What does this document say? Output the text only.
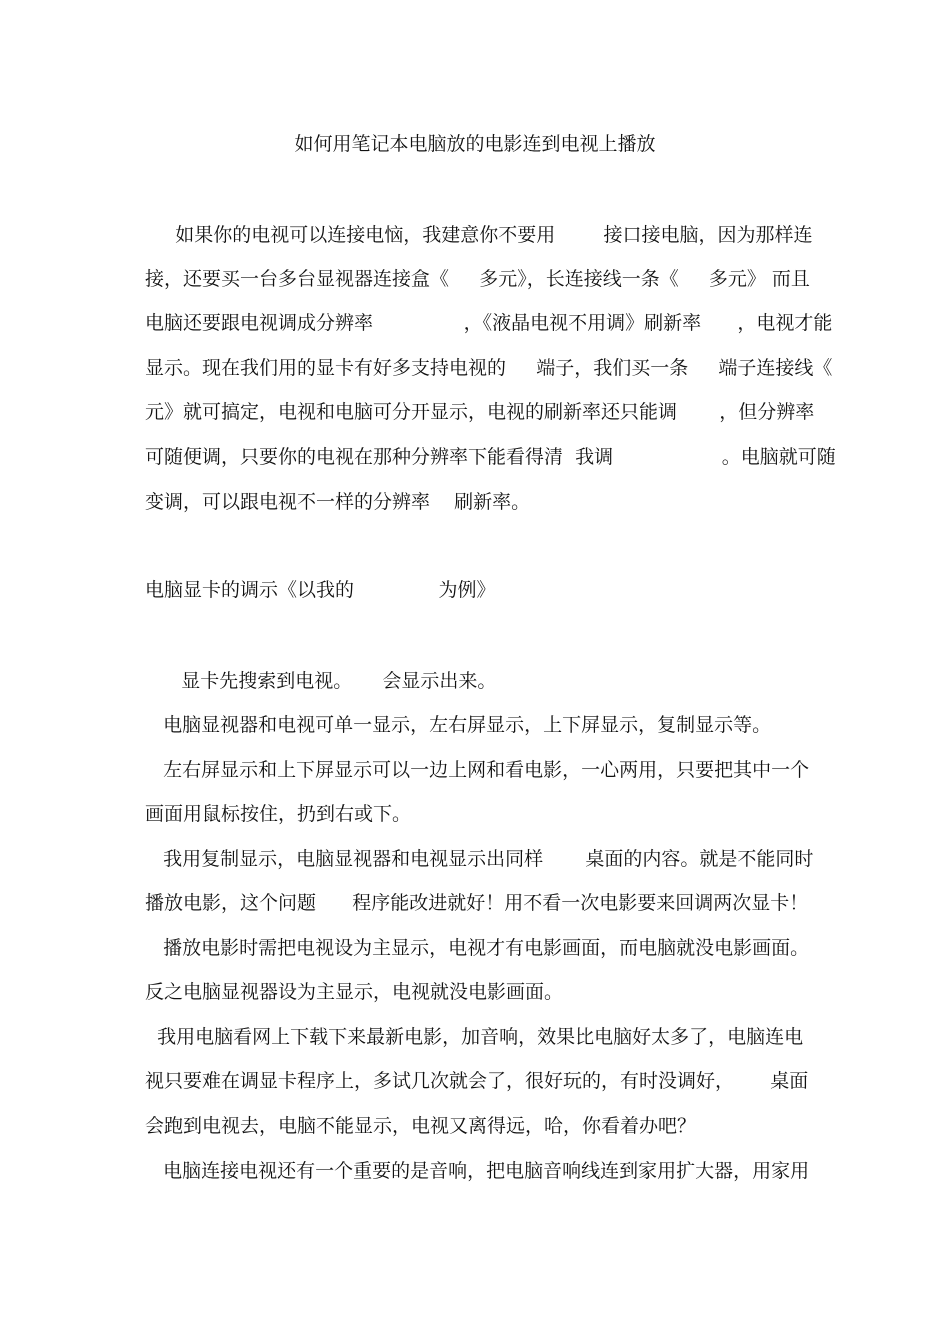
如何用笔记本电脑放的电影连到电视上播放
如果你的电视可以连接电恼，我建意你不要用        接口接电脑，因为那样连
接，还要买一台多台显视器连接盒《     多元》，长连接线一条《     多元》 而且
电脑还要跟电视调成分辨率               ，《液晶电视不用调》刷新率      ，电视才能
显示。现在我们用的显卡有好多支持电视的     端子，我们买一条     端子连接线《
元》就可搞定，电视和电脑可分开显示，电视的刷新率还只能调       ，但分辨率
可随便调，只要你的电视在那种分辨率下能看得清  我调                  。电脑就可随
变调，可以跟电视不一样的分辨率    刷新率。
电脑显卡的调示《以我的              为例》
显卡先搜索到电视。     会显示出来。
电脑显视器和电视可单一显示，左右屏显示，上下屏显示，复制显示等。
左右屏显示和上下屏显示可以一边上网和看电影，一心两用，只要把其中一个
画面用鼠标按住，扔到右或下。
我用复制显示，电脑显视器和电视显示出同样       桌面的内容。就是不能同时
播放电影，这个问题      程序能改进就好！用不看一次电影要来回调两次显卡！
播放电影时需把电视设为主显示，电视才有电影画面，而电脑就没电影画面。
反之电脑显视器设为主显示，电视就没电影画面。
我用电脑看网上下载下来最新电影，加音响，效果比电脑好太多了，电脑连电
视只要难在调显卡程序上，多试几次就会了，很好玩的，有时没调好，      桌面
会跑到电视去，电脑不能显示，电视又离得远，哈，你看着办吧？
电脑连接电视还有一个重要的是音响，把电脑音响线连到家用扩大器，用家用
